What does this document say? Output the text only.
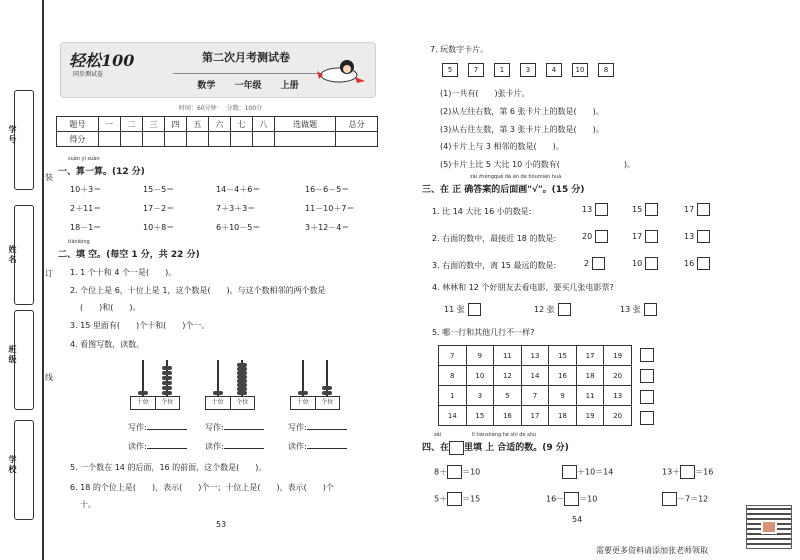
学号
姓名
班级
学校
装
订
线
轻松100
同步测试卷
第二次月考测试卷
数学 一年级 上册
时间：60分钟 分数：100分
题号	一	二	三	四	五	六	七	八	选做题	总分
得分										
suàn yi suàn
一、算一算。(12 分)
10＋3＝	15－5＝	14－4＋6＝	16－6－5＝
2＋11＝	17－2＝	7＋3＋3＝	11－10＋7＝
18－1＝	10＋8＝	6＋10－5＝	3＋12－4＝
tiánkòng
二、填 空。(每空 1 分，共 22 分)
1. 1 个十和 4 个一是(　　)。
2. 个位上是 6，十位上是 1，这个数是(　　)。与这个数相邻的两个数是
(　　)和(　　)。
3. 15 里面有(　　)个十和(　　)个一。
4. 看图写数，读数。
十位	个位	十位	个位	十位	个位
写作:	写作:	写作:
读作:	读作:	读作:
5. 一个数在 14 的后面，16 的前面，这个数是(　　)。
6. 18 的个位上是(　　)，表示(　　)个一；十位上是(　　)，表示(　　)个
十。
53
7. 玩数字卡片。
5	7	1	3	4	10	8
(1)一共有(　　)张卡片。
(2)从左往右数，第 6 张卡片上的数是(　　)。
(3)从右往左数，第 3 张卡片上的数是(　　)。
(4)卡片上与 3 相邻的数是(　　)。
(5)卡片上比 5 大比 10 小的数有(　　　　　　　　)。
zài zhèngquè dá àn de hòumiàn huà
三、在 正 确答案的后面画"√"。(15 分)
1. 比 14 大比 16 小的数是:	13	15	17
2. 右面的数中，最接近 18 的数是:	20	17	13
3. 右面的数中，离 15 最远的数是:	2	10	16
4. 林林和 12 个好朋友去看电影，要买几张电影票?
11 张	12 张	13 张
5. 哪一行和其他几行不一样?
7	9	11	13	15	17	19
8	10	12	14	16	18	20
1	3	5	7	9	11	13
14	15	16	17	18	19	20
zài	lǐ tiánshàng hé shì de shù
四、在 里填 上 合适的数。(9 分)
8＋ ＝10	＋10＝14	13＋ ＝16
5＋ ＝15	16－ ＝10	－7＝12
54
需要更多资料请添加张老师领取
